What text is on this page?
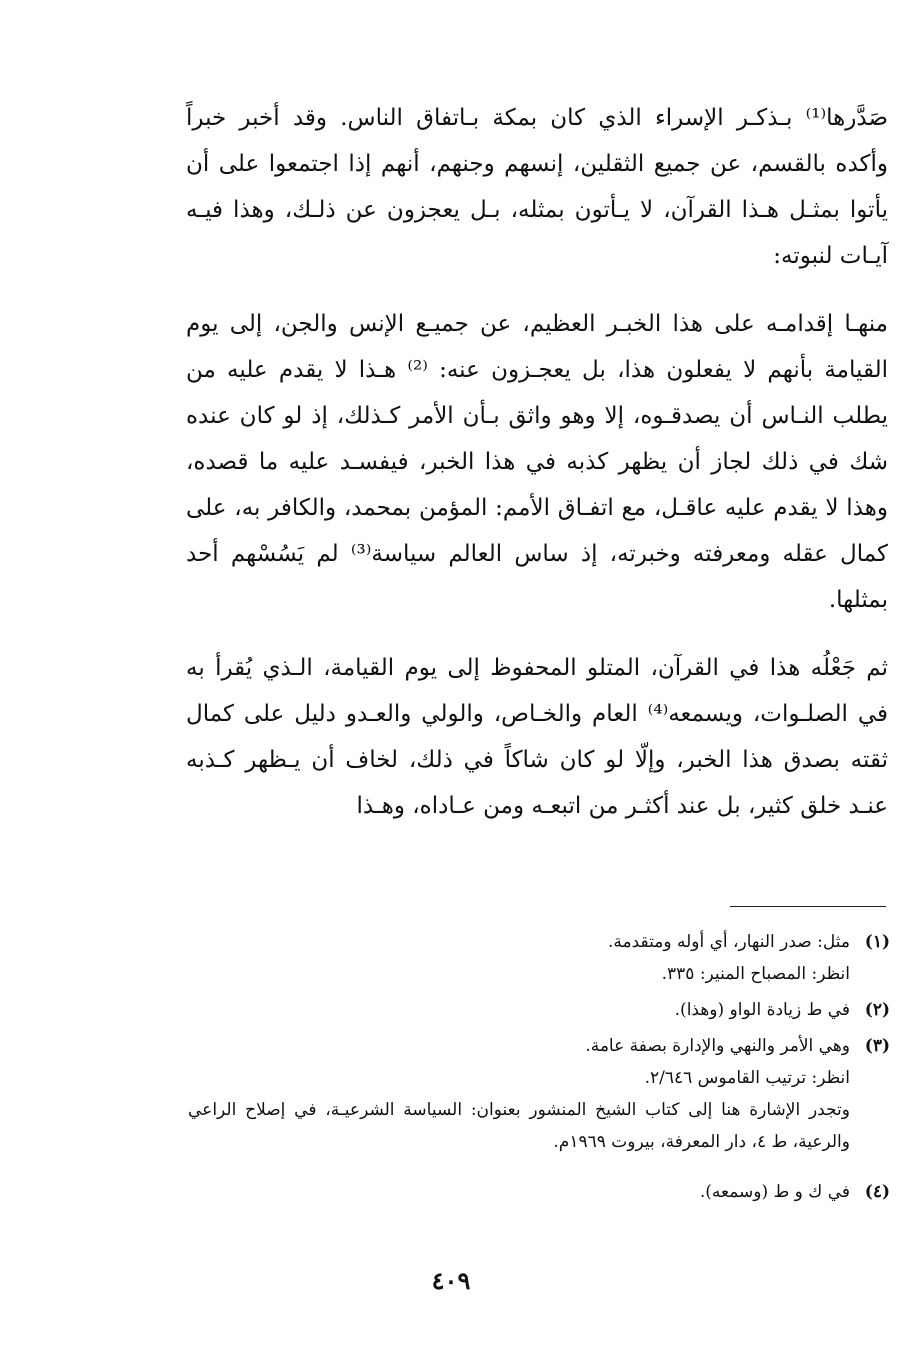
صَدَّرها⁽¹⁾ بـذكـر الإسراء الذي كان بمكة بـاتفاق الناس. وقد أخبر خبراً وأكده بالقسم، عن جميع الثقلين، إنسهم وجنهم، أنهم إذا اجتمعوا على أن يأتوا بمثـل هـذا القرآن، لا يـأتون بمثله، بـل يعجزون عن ذلـك، وهذا فيـه آيـات لنبوته:

منهـا إقدامـه على هذا الخبـر العظيم، عن جميـع الإنس والجن، إلى يوم القيامة بأنهم لا يفعلون هذا، بل يعجـزون عنه: ⁽²⁾ هـذا لا يقدم عليه من يطلب النـاس أن يصدقـوه، إلا وهو واثق بـأن الأمر كـذلك، إذ لو كان عنده شك في ذلك لجاز أن يظهر كذبه في هذا الخبر، فيفسـد عليه ما قصده، وهذا لا يقدم عليه عاقـل، مع اتفـاق الأمم: المؤمن بمحمد، والكافر به، على كمال عقله ومعرفته وخبرته، إذ ساس العالم سياسة⁽³⁾ لم يَسُسْهم أحد بمثلها.

ثم جَعْلُه هذا في القرآن، المتلو المحفوظ إلى يوم القيامة، الـذي يُقرأ به في الصلـوات، ويسمعه⁽⁴⁾ العام والخـاص، والولي والعـدو دليل على كمال ثقته بصدق هذا الخبر، وإلّا لو كان شاكاً في ذلك، لخاف أن يـظهر كـذبه عنـد خلق كثير، بل عند أكثـر من اتبعـه ومن عـاداه، وهـذا

(١)
مثل: صدر النهار، أي أوله ومتقدمة.
انظر: المصباح المنير: ٣٣٥.
(٢)
في ط زيادة الواو (وهذا).
(٣)
وهي الأمر والنهي والإدارة بصفة عامة.
انظر: ترتيب القاموس ٢/٦٤٦.
وتجدر الإشارة هنا إلى كتاب الشيخ المنشور بعنوان: السياسة الشرعيـة، في إصلاح الراعي والرعية، ط ٤، دار المعرفة، بيروت ١٩٦٩م.
(٤)
في ك و ط (وسمعه).
٤٠٩
